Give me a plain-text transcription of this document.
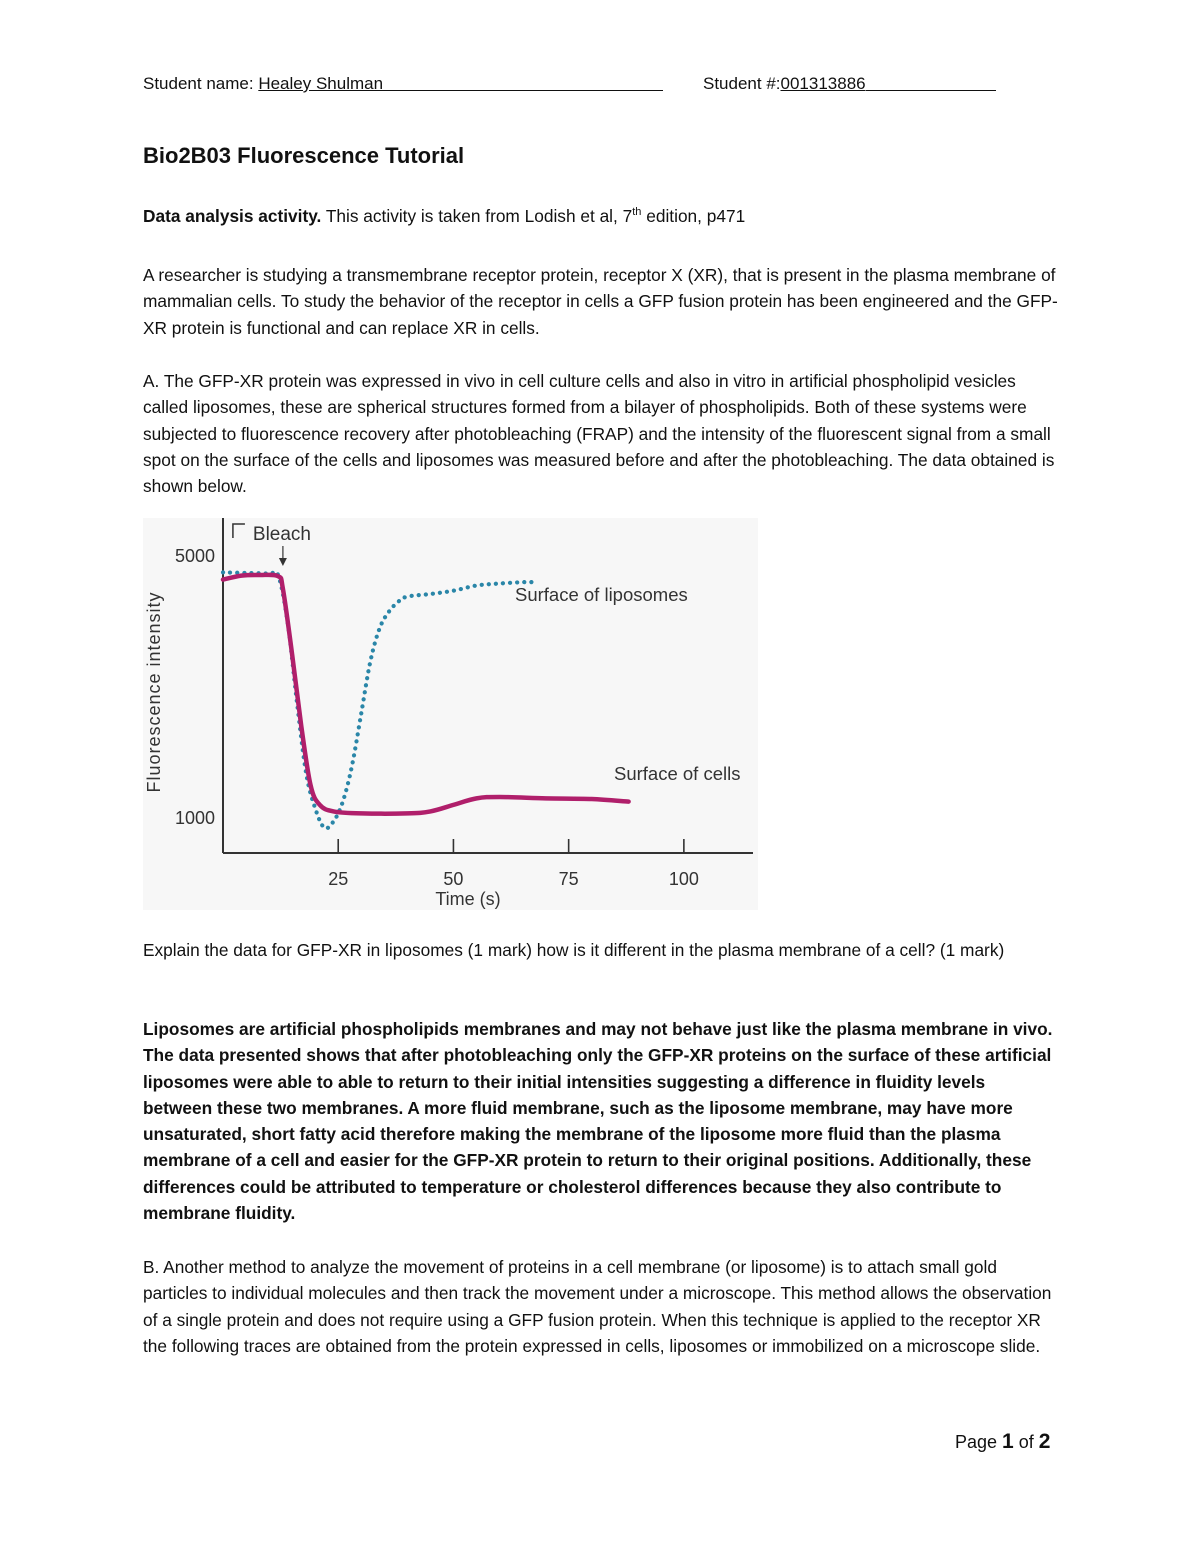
Student name: Healey Shulman	Student #:001313886
Bio2B03 Fluorescence Tutorial

Data analysis activity. This activity is taken from Lodish et al, 7th edition, p471

A researcher is studying a transmembrane receptor protein, receptor X (XR), that is present in the plasma membrane of mammalian cells. To study the behavior of the receptor in cells a GFP fusion protein has been engineered and the GFP-XR protein is functional and can replace XR in cells.

A. The GFP-XR protein was expressed in vivo in cell culture cells and also in vitro in artificial phospholipid vesicles called liposomes, these are spherical structures formed from a bilayer of phospholipids. Both of these systems were subjected to fluorescence recovery after photobleaching (FRAP) and the intensity of the fluorescent signal from a small spot on the surface of the cells and liposomes was measured before and after the photobleaching. The data obtained is shown below.

25	50	75	100
1000
5000
Time (s)
Fluorescence intensity
Bleach
Surface of liposomes
Surface of cells

Explain the data for GFP-XR in liposomes (1 mark) how is it different in the plasma membrane of a cell? (1 mark)

Liposomes are artificial phospholipids membranes and may not behave just like the plasma membrane in vivo. The data presented shows that after photobleaching only the GFP-XR proteins on the surface of these artificial liposomes were able to able to return to their initial intensities suggesting a difference in fluidity levels between these two membranes. A more fluid membrane, such as the liposome membrane, may have more unsaturated, short fatty acid therefore making the membrane of the liposome more fluid than the plasma membrane of a cell and easier for the GFP-XR protein to return to their original positions. Additionally, these differences could be attributed to temperature or cholesterol differences because they also contribute to membrane fluidity.

B. Another method to analyze the movement of proteins in a cell membrane (or liposome) is to attach small gold particles to individual molecules and then track the movement under a microscope. This method allows the observation of a single protein and does not require using a GFP fusion protein. When this technique is applied to the receptor XR the following traces are obtained from the protein expressed in cells, liposomes or immobilized on a microscope slide.

Page 1 of 2
